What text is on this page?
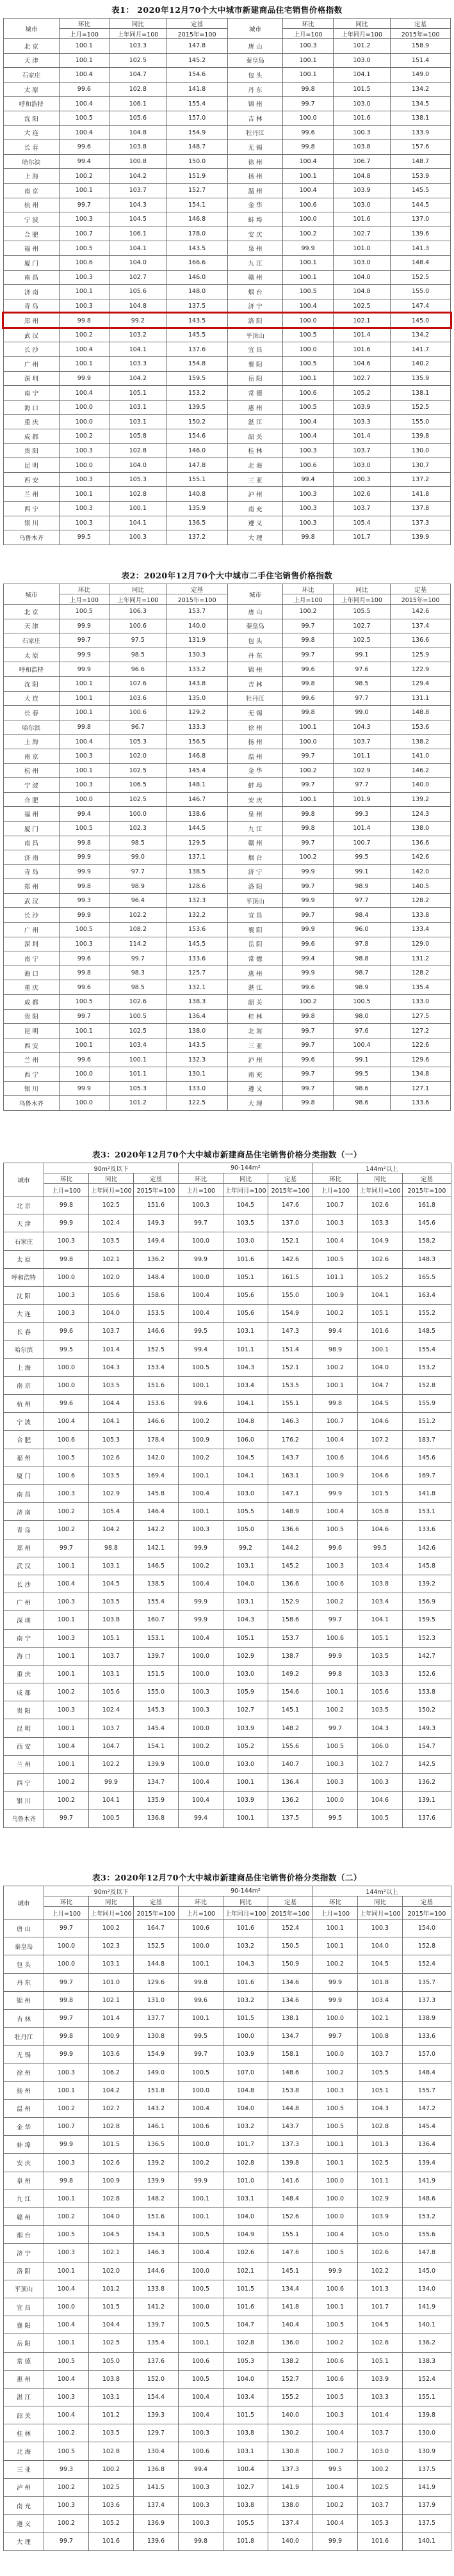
表1： 2020年12月70个大中城市新建商品住宅销售价格指数
城市	环比	同比	定基	城市	环比	同比	定基
	上月=100	上年同月=100	2015年=100		上月=100	上年同月=100	2015年=100
北 京	100.1	103.3	147.8	唐 山	100.3	101.2	158.9
天 津	100.1	102.5	145.2	秦皇岛	100.1	103.0	151.4
石家庄	100.4	104.7	154.6	包 头	100.1	104.1	149.0
太 原	99.6	102.8	141.8	丹 东	99.8	101.5	134.2
呼和浩特	100.4	106.1	155.4	锦 州	99.7	103.0	134.5
沈 阳	100.5	105.6	157.0	吉 林	100.0	101.6	138.1
大 连	100.4	104.8	154.9	牡丹江	99.6	100.3	133.9
长 春	99.6	103.8	148.7	无 锡	99.8	103.8	157.6
哈尔滨	99.4	100.8	150.0	徐 州	100.4	106.7	148.7
上 海	100.2	104.2	151.9	扬 州	100.1	104.8	153.9
南 京	100.1	103.7	152.7	温 州	100.4	103.9	145.5
杭 州	99.7	104.3	154.1	金 华	100.6	103.0	144.5
宁 波	100.3	104.5	146.8	蚌 埠	100.0	101.6	137.0
合 肥	100.7	106.1	178.0	安 庆	100.2	102.7	139.6
福 州	100.5	104.1	143.5	泉 州	99.9	101.0	141.3
厦 门	100.6	104.0	166.6	九 江	100.1	103.0	148.4
南 昌	100.3	102.7	146.0	赣 州	100.1	104.0	152.5
济 南	100.1	105.6	148.0	烟 台	100.5	104.8	155.0
青 岛	100.3	104.8	137.5	济 宁	100.4	102.5	147.4
郑 州	99.8	99.2	143.5	洛 阳	100.0	102.1	145.0
武 汉	100.2	103.2	145.5	平顶山	100.5	101.4	134.2
长 沙	100.4	104.1	137.6	宜 昌	100.0	101.6	141.7
广 州	100.1	103.3	154.8	襄 阳	100.5	104.6	140.2
深 圳	99.9	104.2	159.5	岳 阳	100.1	102.7	135.9
南 宁	100.4	105.1	153.2	常 德	100.6	105.2	138.1
海 口	100.0	103.1	139.5	惠 州	100.5	103.9	152.5
重 庆	100.0	103.1	150.2	湛 江	100.4	103.3	155.0
成 都	100.2	105.8	154.6	韶 关	100.4	101.4	139.8
贵 阳	100.3	102.8	146.0	桂 林	100.3	103.7	130.0
昆 明	100.0	104.0	147.8	北 海	100.6	103.0	130.7
西 安	100.3	105.3	155.1	三 亚	99.4	100.3	137.2
兰 州	100.1	102.8	140.8	泸 州	100.3	102.6	141.8
西 宁	100.3	100.1	135.9	南 充	100.3	103.7	137.8
银 川	100.3	104.1	136.5	遵 义	100.3	105.4	137.3
乌鲁木齐	99.5	100.3	137.2	大 理	99.8	101.7	139.9
表2：2020年12月70个大中城市二手住宅销售价格指数
城市	环比	同比	定基	城市	环比	同比	定基
	上月=100	上年同月=100	2015年=100		上月=100	上年同月=100	2015年=100
北 京	100.5	106.3	153.7	唐 山	100.2	105.5	142.6
天 津	99.9	100.6	140.0	秦皇岛	99.7	102.7	137.4
石家庄	99.7	97.5	131.9	包 头	99.8	102.5	136.6
太 原	99.9	98.5	130.3	丹 东	99.7	99.1	125.9
呼和浩特	99.9	96.6	133.2	锦 州	99.6	97.6	122.9
沈 阳	100.1	107.6	143.8	吉 林	99.8	98.5	129.4
大 连	100.1	103.6	135.0	牡丹江	99.6	97.7	131.1
长 春	100.1	100.6	129.2	无 锡	99.8	99.0	148.8
哈尔滨	99.8	96.7	133.3	徐 州	100.1	104.3	153.6
上 海	100.4	105.3	156.5	扬 州	100.0	103.7	138.2
南 京	100.3	102.0	146.8	温 州	99.7	101.1	141.0
杭 州	100.1	102.5	145.4	金 华	100.2	102.9	146.2
宁 波	100.3	106.5	148.1	蚌 埠	99.7	97.7	140.0
合 肥	100.0	102.5	146.7	安 庆	100.1	101.9	139.2
福 州	99.4	100.0	138.6	泉 州	99.8	99.3	124.3
厦 门	100.5	102.3	144.5	九 江	99.8	101.4	138.0
南 昌	99.8	98.5	129.5	赣 州	99.7	100.7	136.6
济 南	99.9	99.0	137.1	烟 台	100.2	99.5	142.6
青 岛	99.9	97.7	138.5	济 宁	99.9	99.1	142.0
郑 州	99.8	98.9	128.6	洛 阳	99.7	98.9	140.5
武 汉	99.3	96.4	132.3	平顶山	99.9	97.7	128.2
长 沙	99.9	102.2	132.2	宜 昌	99.7	98.4	133.8
广 州	100.5	108.2	153.6	襄 阳	99.9	96.0	133.4
深 圳	100.3	114.2	145.5	岳 阳	99.6	97.8	129.0
南 宁	99.6	99.7	133.6	常 德	99.4	98.8	131.2
海 口	99.8	98.3	125.7	惠 州	99.9	98.7	128.2
重 庆	99.6	98.5	132.1	湛 江	99.6	98.9	135.4
成 都	100.5	102.6	138.3	韶 关	100.2	100.5	133.0
贵 阳	99.7	100.5	136.4	桂 林	99.8	98.0	127.5
昆 明	100.1	102.5	138.0	北 海	99.7	97.6	127.2
西 安	100.1	103.4	143.5	三 亚	99.7	100.4	122.6
兰 州	99.6	100.1	132.3	泸 州	99.6	99.1	129.6
西 宁	100.0	101.1	130.1	南 充	99.7	99.5	134.8
银 川	99.9	105.3	133.0	遵 义	99.7	98.6	127.1
乌鲁木齐	100.0	101.2	122.5	大 理	99.8	98.6	133.6
表3：2020年12月70个大中城市新建商品住宅销售价格分类指数（一）
城市	90m²及以下			90-144m²			144m²以上		
	环比	同比	定基	环比	同比	定基	环比	同比	定基
	上月=100	上年同月=100	2015年=100	上月=100	上年同月=100	2015年=100	上月=100	上年同月=100	2015年=100
北 京	99.8	102.5	151.6	100.3	104.5	147.6	100.7	102.6	161.8
天 津	99.9	102.4	149.3	99.7	103.5	137.0	100.3	103.3	145.6
石家庄	100.3	103.5	149.4	100.0	103.0	152.1	100.4	104.9	158.2
太 原	99.8	102.1	136.2	99.9	101.6	142.6	100.5	102.6	148.3
呼和浩特	100.0	102.0	148.4	100.0	105.1	161.5	101.1	105.2	165.5
沈 阳	100.3	105.6	158.6	100.4	105.6	155.0	100.9	104.1	163.4
大 连	100.3	104.0	153.5	100.4	105.6	154.9	100.2	105.1	155.2
长 春	99.6	103.7	146.6	99.5	103.1	147.3	99.4	101.6	148.5
哈尔滨	99.5	101.4	152.5	99.4	101.1	151.4	98.9	100.1	155.4
上 海	100.0	104.3	153.4	100.5	104.3	152.1	100.2	104.0	153.2
南 京	100.0	103.5	151.6	100.1	103.4	153.5	100.1	104.7	152.8
杭 州	99.6	104.4	153.6	99.6	104.1	155.1	99.8	104.5	155.9
宁 波	100.4	104.1	146.6	100.2	104.8	146.3	100.7	104.6	151.2
合 肥	100.6	105.3	178.4	100.9	106.0	176.2	100.4	107.2	183.7
福 州	100.5	102.6	142.0	100.2	104.5	143.7	100.6	104.6	145.6
厦 门	100.6	103.5	169.4	100.1	104.1	163.1	100.9	104.6	169.7
南 昌	100.3	102.9	145.8	100.4	103.0	147.1	99.9	101.5	141.8
济 南	100.2	105.4	146.4	100.1	105.5	148.9	100.4	105.8	153.1
青 岛	100.2	104.2	142.2	100.3	105.0	136.6	100.5	104.6	133.6
郑 州	99.7	98.8	142.1	99.9	99.2	144.2	99.6	99.5	142.6
武 汉	100.1	103.1	146.5	100.2	103.1	145.2	100.3	103.4	145.8
长 沙	100.4	104.5	138.5	100.4	104.0	136.6	100.6	103.8	139.2
广 州	100.3	103.5	155.4	99.9	103.1	152.9	100.2	103.4	156.9
深 圳	100.1	103.8	160.7	99.9	104.3	158.6	99.7	104.1	159.5
南 宁	100.3	105.1	153.1	100.4	105.1	153.7	100.6	105.1	152.3
海 口	100.1	103.7	139.7	100.0	102.9	138.7	99.9	103.5	142.7
重 庆	100.1	103.1	151.5	100.0	103.0	149.2	99.8	103.3	152.6
成 都	100.2	105.6	155.0	100.3	105.9	154.6	100.1	105.6	153.8
贵 阳	100.3	102.4	145.3	100.3	102.7	145.1	100.2	103.5	150.2
昆 明	100.1	103.7	145.4	100.0	103.9	148.2	99.7	104.3	149.3
西 安	100.4	104.7	154.1	100.2	105.2	155.6	100.5	106.0	154.7
兰 州	100.1	102.2	139.9	100.0	103.0	140.7	100.3	102.7	142.5
西 宁	100.2	99.9	134.7	100.4	100.1	136.4	100.3	100.3	136.2
银 川	100.2	104.1	135.9	100.4	103.9	136.2	100.0	104.6	139.1
乌鲁木齐	99.7	100.5	136.8	99.4	100.1	137.5	99.5	100.5	137.6
表3：2020年12月70个大中城市新建商品住宅销售价格分类指数（二）
城市	90m²及以下			90-144m²			144m²以上		
	环比	同比	定基	环比	同比	定基	环比	同比	定基
	上月=100	上年同月=100	2015年=100	上月=100	上年同月=100	2015年=100	上月=100	上年同月=100	2015年=100
唐 山	99.7	100.2	164.7	100.6	101.6	152.4	100.1	100.3	154.0
秦皇岛	100.0	102.3	152.5	100.0	103.2	150.5	100.1	104.0	152.8
包 头	100.0	103.1	144.8	100.1	104.3	150.9	100.2	104.5	152.4
丹 东	99.7	101.0	129.6	99.8	101.6	134.6	99.9	101.8	135.7
锦 州	99.8	102.1	131.0	99.6	103.2	134.6	99.9	103.4	137.3
吉 林	99.7	101.4	137.7	100.1	101.5	138.1	100.0	102.1	138.9
牡丹江	99.8	100.9	130.8	99.5	100.0	134.7	99.7	100.8	133.6
无 锡	99.9	103.6	154.9	99.7	103.9	158.1	100.0	103.7	157.0
徐 州	100.3	106.2	149.0	100.5	107.0	148.6	100.2	105.5	148.4
扬 州	100.1	104.2	151.8	100.0	104.8	153.8	100.3	105.1	155.7
温 州	100.2	102.7	143.2	100.4	104.0	144.8	100.5	104.3	147.2
金 华	100.7	102.8	146.1	100.6	103.2	143.7	100.5	102.8	145.4
蚌 埠	99.9	101.5	136.5	100.0	101.7	137.3	100.1	101.3	136.4
安 庆	100.3	102.6	139.2	100.2	102.8	139.8	100.1	102.5	139.4
泉 州	99.8	100.9	139.9	99.9	101.0	141.6	100.0	101.1	141.9
九 江	100.1	102.8	148.2	100.1	103.1	148.4	100.0	102.9	148.6
赣 州	100.2	104.0	151.6	100.1	104.0	152.6	100.0	103.9	153.2
烟 台	100.5	104.5	154.3	100.5	104.9	155.1	100.4	105.0	155.6
济 宁	100.3	102.1	146.3	100.4	102.6	147.6	100.5	102.6	147.8
洛 阳	100.1	102.0	144.6	100.0	102.1	145.1	99.9	102.2	145.0
平顶山	100.4	101.2	133.8	100.5	101.5	134.4	100.6	101.3	134.0
宜 昌	100.0	101.5	141.2	100.0	101.6	141.8	100.1	101.7	141.9
襄 阳	100.4	104.4	139.7	100.5	104.7	140.4	100.5	104.5	140.1
岳 阳	100.1	102.5	135.4	100.1	102.8	136.0	100.2	102.6	136.2
常 德	100.5	105.0	137.6	100.6	105.3	138.2	100.6	105.1	138.3
惠 州	100.4	103.8	152.0	100.5	104.0	152.7	100.6	103.9	152.4
湛 江	100.3	103.1	154.4	100.4	103.4	155.2	100.5	103.3	155.1
韶 关	100.4	101.2	139.3	100.4	101.5	140.0	100.3	101.4	139.8
桂 林	100.2	103.5	129.7	100.3	103.8	130.2	100.4	103.7	130.0
北 海	100.5	102.8	130.4	100.6	103.1	130.8	100.7	103.0	130.9
三 亚	99.3	100.2	136.8	99.4	100.4	137.3	99.5	100.2	137.5
泸 州	100.2	102.5	141.5	100.3	102.7	141.9	100.4	102.5	141.9
南 充	100.3	103.6	137.4	100.3	103.8	138.0	100.2	103.7	137.9
遵 义	100.2	105.2	136.9	100.3	105.5	137.4	100.4	105.3	137.5
大 理	99.7	101.6	139.6	99.8	101.8	140.0	99.9	101.6	140.1
